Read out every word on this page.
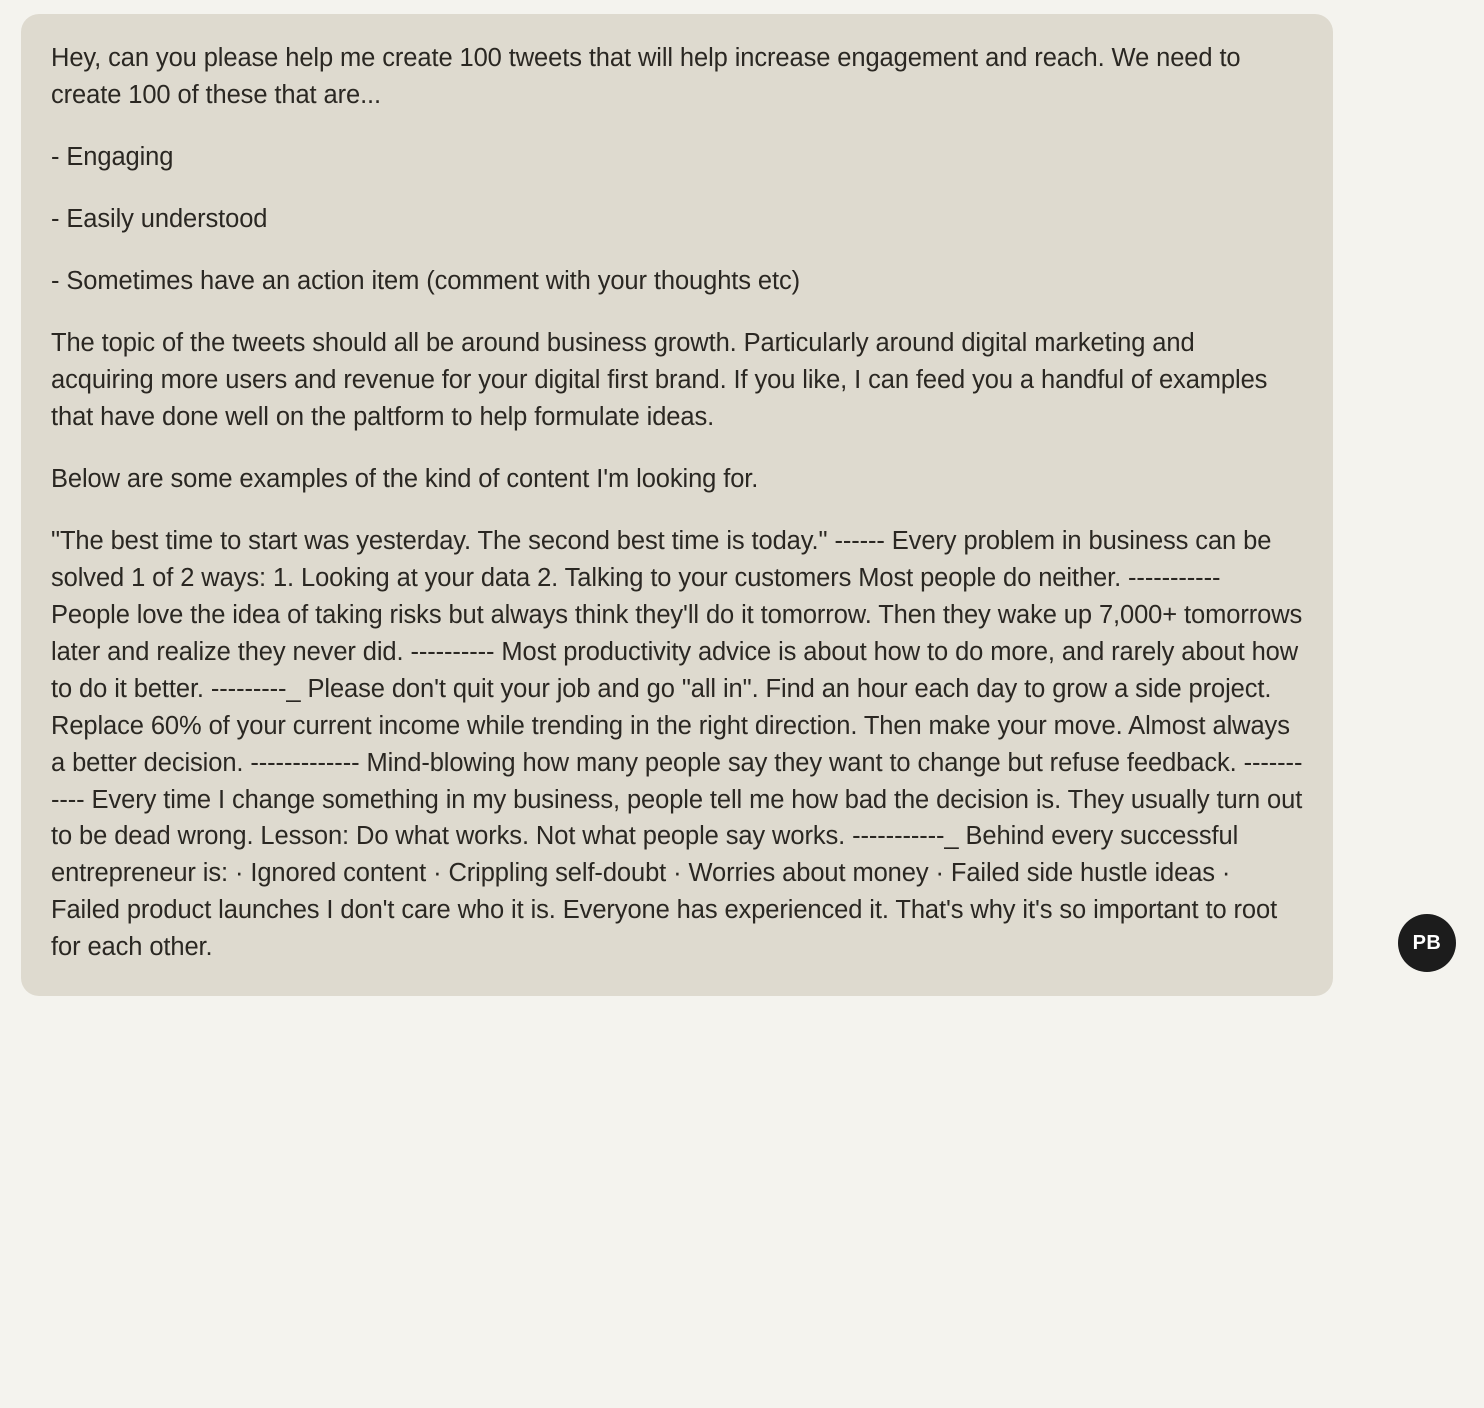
Hey, can you please help me create 100 tweets that will help increase engagement and reach. We need to create 100 of these that are...

- Engaging

- Easily understood

- Sometimes have an action item (comment with your thoughts etc)

The topic of the tweets should all be around business growth. Particularly around digital marketing and acquiring more users and revenue for your digital first brand. If you like, I can feed you a handful of examples that have done well on the paltform to help formulate ideas.

Below are some examples of the kind of content I'm looking for.

"The best time to start was yesterday. The second best time is today." ------ Every problem in business can be solved 1 of 2 ways: 1. Looking at your data 2. Talking to your customers Most people do neither. ----------- People love the idea of taking risks but always think they'll do it tomorrow. Then they wake up 7,000+ tomorrows later and realize they never did. ---------- Most productivity advice is about how to do more, and rarely about how to do it better. ---------_ Please don't quit your job and go "all in". Find an hour each day to grow a side project. Replace 60% of your current income while trending in the right direction. Then make your move. Almost always a better decision. ------------- Mind-blowing how many people say they want to change but refuse feedback. ----------- Every time I change something in my business, people tell me how bad the decision is. They usually turn out to be dead wrong. Lesson: Do what works. Not what people say works. -----------_ Behind every successful entrepreneur is: · Ignored content · Crippling self-doubt · Worries about money · Failed side hustle ideas · Failed product launches I don't care who it is. Everyone has experienced it. That's why it's so important to root for each other.	PB
